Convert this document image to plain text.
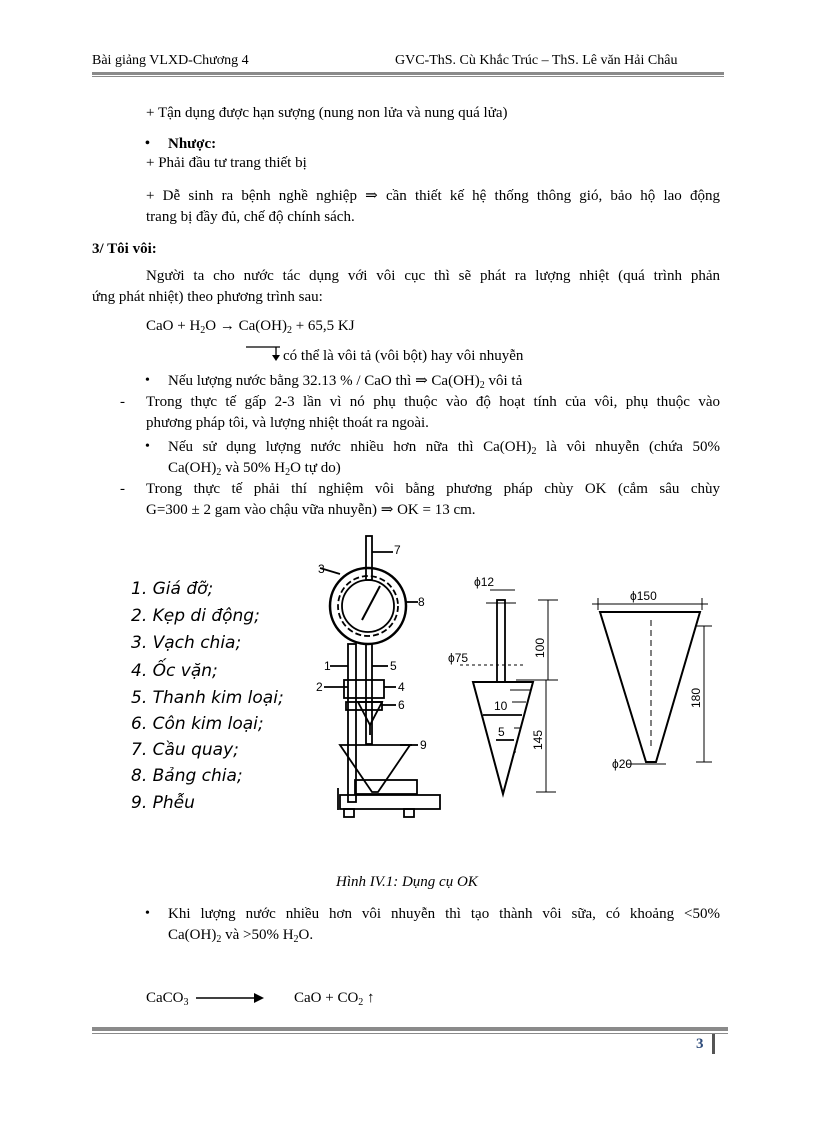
Bài giảng VLXD-Chương 4	GVC-ThS. Cù Khắc Trúc – ThS. Lê văn Hải Châu
+ Tận dụng được hạn sượng (nung non lửa và nung quá lửa)
• Nhược:
+ Phải đầu tư trang thiết bị
+ Dễ sinh ra bệnh nghề nghiệp ⇒ cần thiết kế hệ thống thông gió, bảo hộ lao động
trang bị đầy đủ, chế độ chính sách.
3/ Tôi vôi:
Người ta cho nước tác dụng với vôi cục thì sẽ phát ra lượng nhiệt (quá trình phản
ứng phát nhiệt) theo phương trình sau:
CaO + $H_2O \to Ca(OH)_2 + 65,5$ KJ
có thể là vôi tả (vôi bột) hay vôi nhuyễn
• Nếu lượng nước bằng 32.13 % / CaO thì ⇒ $Ca(OH)_2$ vôi tả
- Trong thực tế gấp 2-3 lần vì nó phụ thuộc vào độ hoạt tính của vôi, phụ thuộc vào
phương pháp tôi, và lượng nhiệt thoát ra ngoài.
• Nếu sử dụng lượng nước nhiều hơn nữa thì $Ca(OH)_2$ là vôi nhuyễn (chứa 50%
$Ca(OH)_2$ và 50% $H_2O$ tự do)
- Trong thực tế phải thí nghiệm vôi bằng phương pháp chùy OK (cắm sâu chùy
G=300 ± 2 gam vào chậu vữa nhuyễn) ⇒ OK = 13 cm.
1. Giá đỡ;
2. Kẹp di động;
3. Vạch chia;
4. Ốc vặn;
5. Thanh kim loại;
6. Côn kim loại;
7. Cầu quay;
8. Bảng chia;
9. Phễu
7
3
8
1
2
5
4
6
9
ϕ12
ϕ75
10
5
100
145
ϕ150
180
ϕ20
Hình IV.1: Dụng cụ OK
• Khi lượng nước nhiều hơn vôi nhuyễn thì tạo thành vôi sữa, có khoảng <50%
$Ca(OH)_2$ và >50% $H_2O$.
CaCO$_3$	CaO + $CO_2$ ↑
3
